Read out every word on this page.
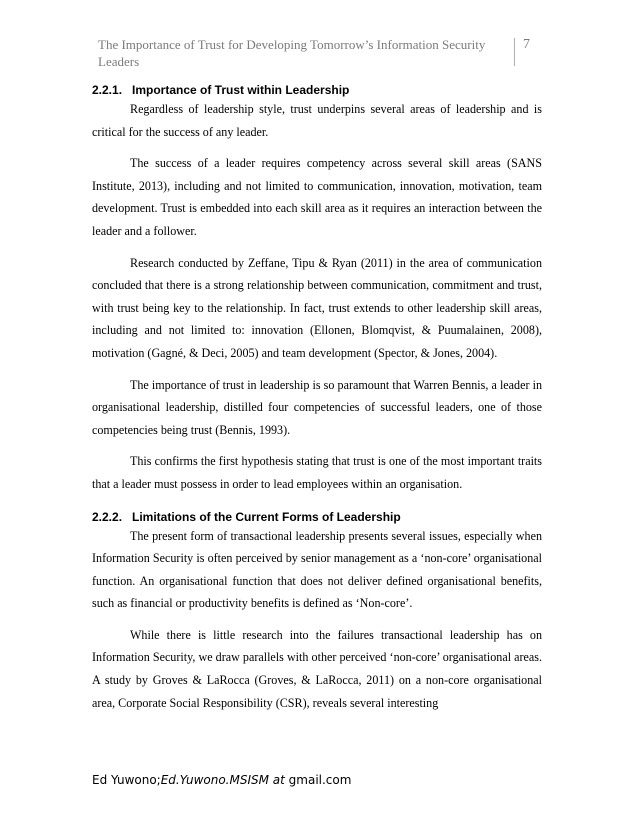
The Importance of Trust for Developing Tomorrow’s Information Security Leaders
7
2.2.1. Importance of Trust within Leadership

Regardless of leadership style, trust underpins several areas of leadership and is critical for the success of any leader.

The success of a leader requires competency across several skill areas (SANS Institute, 2013), including and not limited to communication, innovation, motivation, team development. Trust is embedded into each skill area as it requires an interaction between the leader and a follower.

Research conducted by Zeffane, Tipu & Ryan (2011) in the area of communication concluded that there is a strong relationship between communication, commitment and trust, with trust being key to the relationship. In fact, trust extends to other leadership skill areas, including and not limited to: innovation (Ellonen, Blomqvist, & Puumalainen, 2008), motivation (Gagné, & Deci, 2005) and team development (Spector, & Jones, 2004).

The importance of trust in leadership is so paramount that Warren Bennis, a leader in organisational leadership, distilled four competencies of successful leaders, one of those competencies being trust (Bennis, 1993).

This confirms the first hypothesis stating that trust is one of the most important traits that a leader must possess in order to lead employees within an organisation.

2.2.2. Limitations of the Current Forms of Leadership

The present form of transactional leadership presents several issues, especially when Information Security is often perceived by senior management as a ‘non-core’ organisational function. An organisational function that does not deliver defined organisational benefits, such as financial or productivity benefits is defined as ‘Non-core’.

While there is little research into the failures transactional leadership has on Information Security, we draw parallels with other perceived ‘non-core’ organisational areas. A study by Groves & LaRocca (Groves, & LaRocca, 2011) on a non-core organisational area, Corporate Social Responsibility (CSR), reveals several interesting

Ed Yuwono;Ed.Yuwono.MSISM at gmail.com
